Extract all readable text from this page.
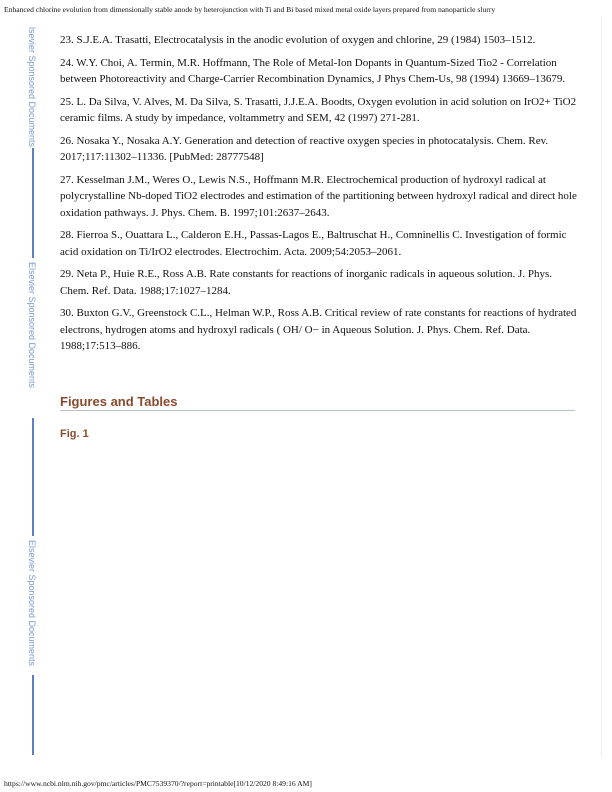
Enhanced chlorine evolution from dimensionally stable anode by heterojunction with Ti and Bi based mixed metal oxide layers prepared from nanoparticle slurry
lsevier Sponsored Documents
Elsevier Sponsored Documents
Elsevier Sponsored Documents

23. S.J.E.A. Trasatti, Electrocatalysis in the anodic evolution of oxygen and chlorine, 29 (1984) 1503–1512.

24. W.Y. Choi, A. Termin, M.R. Hoffmann, The Role of Metal-Ion Dopants in Quantum-Sized Tio2 - Correlation between Photoreactivity and Charge-Carrier Recombination Dynamics, J Phys Chem-Us, 98 (1994) 13669–13679.

25. L. Da Silva, V. Alves, M. Da Silva, S. Trasatti, J.J.E.A. Boodts, Oxygen evolution in acid solution on IrO2+ TiO2 ceramic films. A study by impedance, voltammetry and SEM, 42 (1997) 271-281.

26. Nosaka Y., Nosaka A.Y. Generation and detection of reactive oxygen species in photocatalysis. Chem. Rev. 2017;117:11302–11336. [PubMed: 28777548]

27. Kesselman J.M., Weres O., Lewis N.S., Hoffmann M.R. Electrochemical production of hydroxyl radical at polycrystalline Nb-doped TiO2 electrodes and estimation of the partitioning between hydroxyl radical and direct hole oxidation pathways. J. Phys. Chem. B. 1997;101:2637–2643.

28. Fierroa S., Ouattara L., Calderon E.H., Passas-Lagos E., Baltruschat H., Comninellis C. Investigation of formic acid oxidation on Ti/IrO2 electrodes. Electrochim. Acta. 2009;54:2053–2061.

29. Neta P., Huie R.E., Ross A.B. Rate constants for reactions of inorganic radicals in aqueous solution. J. Phys. Chem. Ref. Data. 1988;17:1027–1284.

30. Buxton G.V., Greenstock C.L., Helman W.P., Ross A.B. Critical review of rate constants for reactions of hydrated electrons, hydrogen atoms and hydroxyl radicals ( OH/ O− in Aqueous Solution. J. Phys. Chem. Ref. Data. 1988;17:513–886.

Figures and Tables
Fig. 1
https://www.ncbi.nlm.nih.gov/pmc/articles/PMC7539370/?report=printable[10/12/2020 8:49:16 AM]
